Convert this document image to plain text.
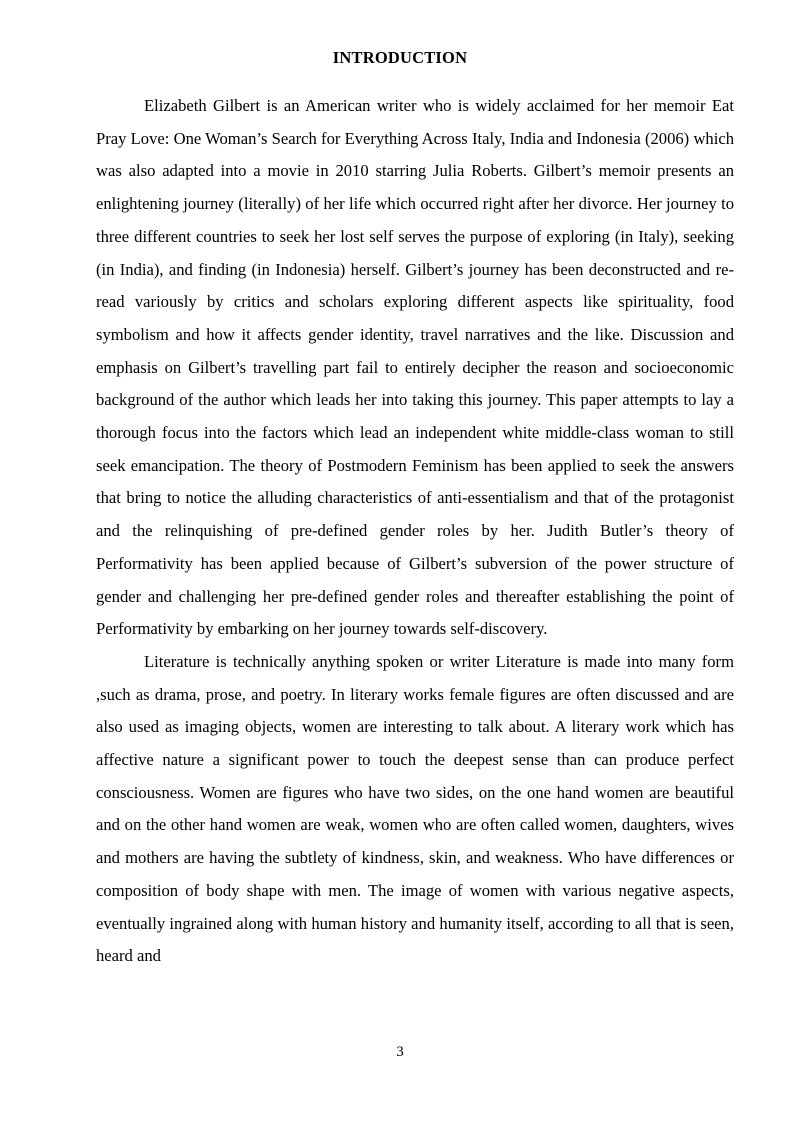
INTRODUCTION

Elizabeth Gilbert is an American writer who is widely acclaimed for her memoir Eat Pray Love: One Woman’s Search for Everything Across Italy, India and Indonesia (2006) which was also adapted into a movie in 2010 starring Julia Roberts. Gilbert’s memoir presents an enlightening journey (literally) of her life which occurred right after her divorce. Her journey to three different countries to seek her lost self serves the purpose of exploring (in Italy), seeking (in India), and finding (in Indonesia) herself. Gilbert’s journey has been deconstructed and re-read variously by critics and scholars exploring different aspects like spirituality, food symbolism and how it affects gender identity, travel narratives and the like. Discussion and emphasis on Gilbert’s travelling part fail to entirely decipher the reason and socioeconomic background of the author which leads her into taking this journey. This paper attempts to lay a thorough focus into the factors which lead an independent white middle-class woman to still seek emancipation. The theory of Postmodern Feminism has been applied to seek the answers that bring to notice the alluding characteristics of anti-essentialism and that of the protagonist and the relinquishing of pre-defined gender roles by her. Judith Butler’s theory of Performativity has been applied because of Gilbert’s subversion of the power structure of gender and challenging her pre-defined gender roles and thereafter establishing the point of Performativity by embarking on her journey towards self-discovery.

Literature is technically anything spoken or writer Literature is made into many form ,such as drama, prose, and poetry. In literary works female figures are often discussed and are also used as imaging objects, women are interesting to talk about. A literary work which has affective nature a significant power to touch the deepest sense than can produce perfect consciousness. Women are figures who have two sides, on the one hand women are beautiful and on the other hand women are weak, women who are often called women, daughters, wives and mothers are having the subtlety of kindness, skin, and weakness. Who have differences or composition of body shape with men. The image of women with various negative aspects, eventually ingrained along with human history and humanity itself, according to all that is seen, heard and

3
